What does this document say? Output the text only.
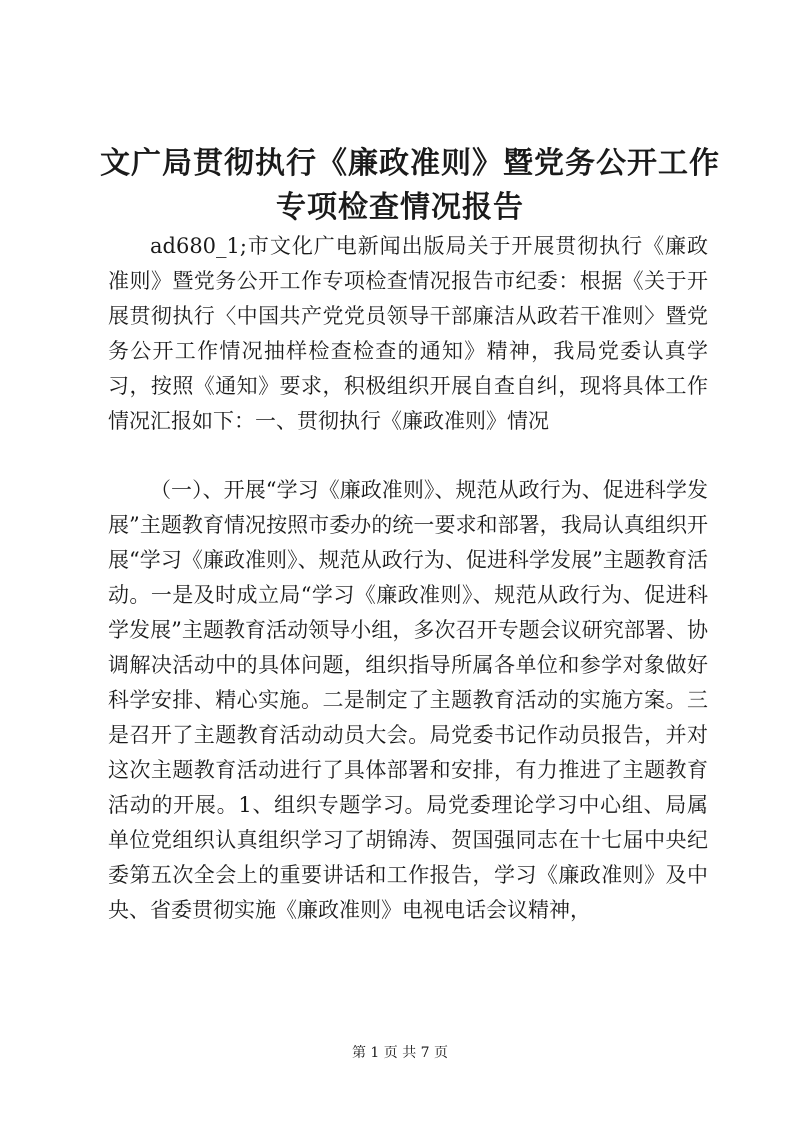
文广局贯彻执行《廉政准则》暨党务公开工作
专项检查情况报告

ad680_1;市文化广电新闻出版局关于开展贯彻执行《廉政准则》暨党务公开工作专项检查情况报告市纪委：根据《关于开展贯彻执行〈中国共产党党员领导干部廉洁从政若干准则〉暨党务公开工作情况抽样检查检查的通知》精神，我局党委认真学习，按照《通知》要求，积极组织开展自查自纠，现将具体工作情况汇报如下：一、贯彻执行《廉政准则》情况

（一）、开展“学习《廉政准则》、规范从政行为、促进科学发展”主题教育情况按照市委办的统一要求和部署，我局认真组织开展“学习《廉政准则》、规范从政行为、促进科学发展”主题教育活动。一是及时成立局“学习《廉政准则》、规范从政行为、促进科学发展”主题教育活动领导小组，多次召开专题会议研究部署、协调解决活动中的具体问题，组织指导所属各单位和参学对象做好科学安排、精心实施。二是制定了主题教育活动的实施方案。三是召开了主题教育活动动员大会。局党委书记作动员报告，并对这次主题教育活动进行了具体部署和安排，有力推进了主题教育活动的开展。1、组织专题学习。局党委理论学习中心组、局属单位党组织认真组织学习了胡锦涛、贺国强同志在十七届中央纪委第五次全会上的重要讲话和工作报告，学习《廉政准则》及中央、省委贯彻实施《廉政准则》电视电话会议精神，

第 1 页 共 7 页
